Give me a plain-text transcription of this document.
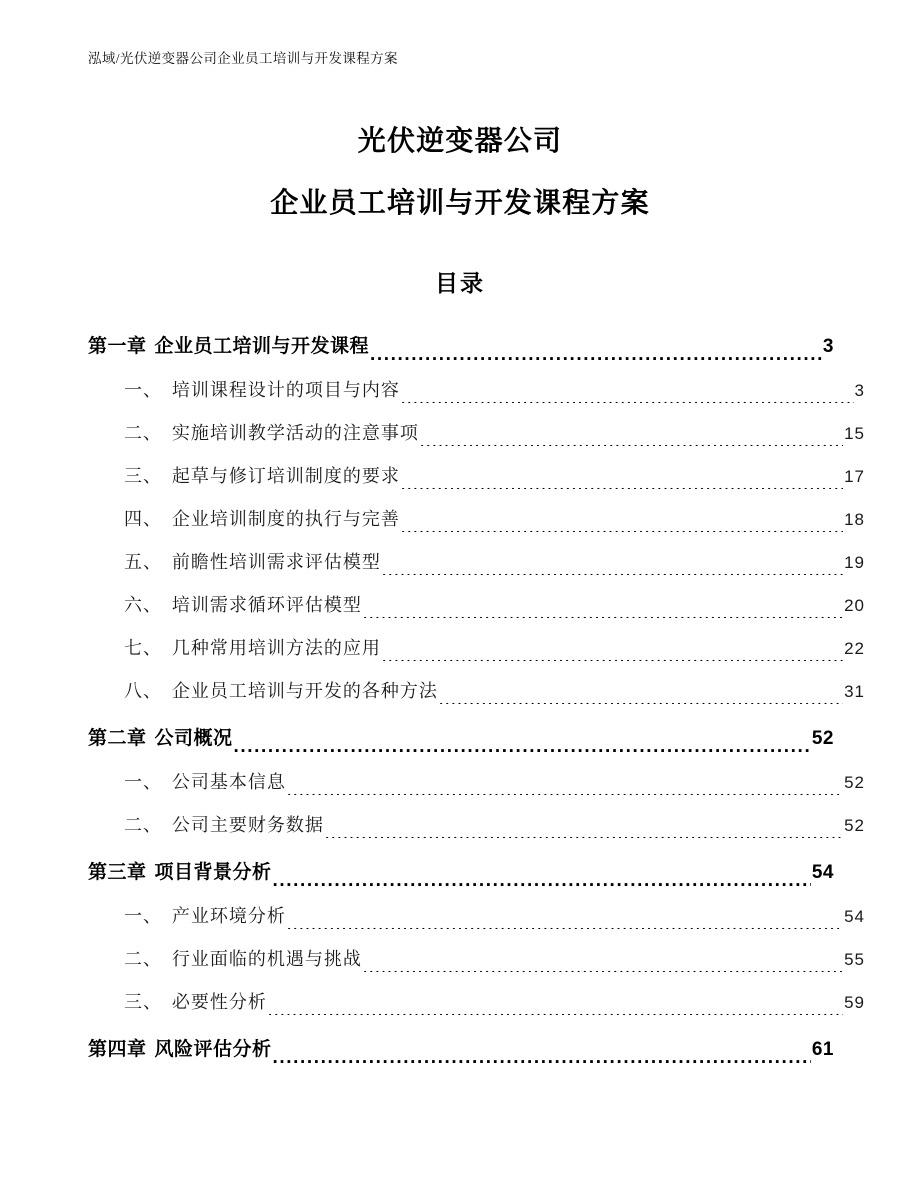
泓域/光伏逆变器公司企业员工培训与开发课程方案
光伏逆变器公司
企业员工培训与开发课程方案
目录
第一章 企业员工培训与开发课程 .....	3
一、 培训课程设计的项目与内容 .....	3
二、 实施培训教学活动的注意事项 .....	15
三、 起草与修订培训制度的要求 .....	17
四、 企业培训制度的执行与完善 .....	18
五、 前瞻性培训需求评估模型 .....	19
六、 培训需求循环评估模型 .....	20
七、 几种常用培训方法的应用 .....	22
八、 企业员工培训与开发的各种方法 .....	31
第二章 公司概况 .....	52
一、 公司基本信息 .....	52
二、 公司主要财务数据 .....	52
第三章 项目背景分析 .....	54
一、 产业环境分析 .....	54
二、 行业面临的机遇与挑战 .....	55
三、 必要性分析 .....	59
第四章 风险评估分析 .....	61
